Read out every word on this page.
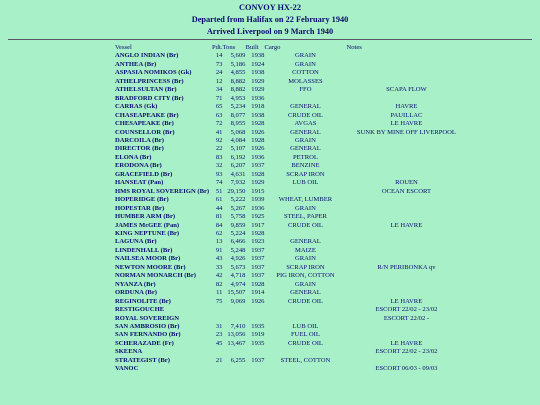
CONVOY HX-22
Departed from Halifax on 22 February 1940
Arrived Liverpool on 9 March 1940
Vessel	Pdt.	Tons	Built	Cargo	Notes
ANGLO INDIAN (Br)	14	5,609	1938	GRAIN	
ANTHEA (Br)	73	5,186	1924	GRAIN	
ASPASIA NOMIKOS (Gk)	24	4,855	1938	COTTON	
ATHELPRINCESS (Br)	12	8,882	1929	MOLASSES	
ATHELSULTAN (Br)	34	8,882	1929	FFO	SCAPA FLOW
BRADFORD CITY (Br)	71	4,953	1936		
CARRAS (Gk)	65	5,234	1918	GENERAL	HAVRE
CHASEAPEAKE (Br)	63	8,077	1938	CRUDE OIL	PAUILLAC
CHESAPEAKE (Br)	72	8,955	1928	AVGAS	LE HAVRE
COUNSELLOR (Br)	41	5,068	1926	GENERAL	SUNK BY MINE OFF LIVERPOOL
DARCOILA (Br)	92	4,084	1928	GRAIN	
DIRECTOR (Br)	22	5,107	1926	GENERAL	
ELONA (Br)	83	6,192	1936	PETROL	
ERODONA (Br)	32	6,207	1937	BENZINE	
GRACEFIELD (Br)	93	4,631	1928	SCRAP IRON	
HANSEAT (Pan)	74	7,932	1929	LUB OIL	ROUEN
HMS ROYAL SOVEREIGN (Br)	51	29,150	1915		OCEAN ESCORT
HOPERIDGE (Br)	61	5,222	1939	WHEAT, LUMBER	
HOPESTAR (Br)	44	5,267	1936	GRAIN	
HUMBER ARM (Br)	81	5,758	1925	STEEL, PAPER	
JAMES McGEE (Pan)	84	9,859	1917	CRUDE OIL	LE HAVRE
KING NEPTUNE (Br)	62	5,224	1928		
LAGUNA (Br)	13	6,466	1923	GENERAL	
LINDENHALL (Br)	91	5,248	1937	MAIZE	
NAILSEA MOOR (Br)	43	4,926	1937	GRAIN	
NEWTON MOORE (Br)	33	5,673	1937	SCRAP IRON	R/N PERIBONKA qv
NORMAN MONARCH (Br)	42	4,718	1937	PIG IRON, COTTON	
NYANZA (Br)	82	4,974	1928	GRAIN	
ORDUNA (Br)	11	15,507	1914	GENERAL	
REGINOLITE (Br)	75	9,069	1926	CRUDE OIL	LE HAVRE
RESTIGOUCHE					ESCORT 22/02 - 23/02
ROYAL SOVEREIGN					ESCORT 22/02 -
SAN AMBROSIO (Br)	31	7,410	1935	LUB OIL	
SAN FERNANDO (Br)	23	13,056	1919	FUEL OIL	
SCHERAZADE (Fr)	45	13,467	1935	CRUDE OIL	LE HAVRE
SKEENA					ESCORT 22/02 - 23/02
STRATEGIST (Br)	21	6,255	1937	STEEL, COTTON	
VANOC					ESCORT 06/03 - 09/03
